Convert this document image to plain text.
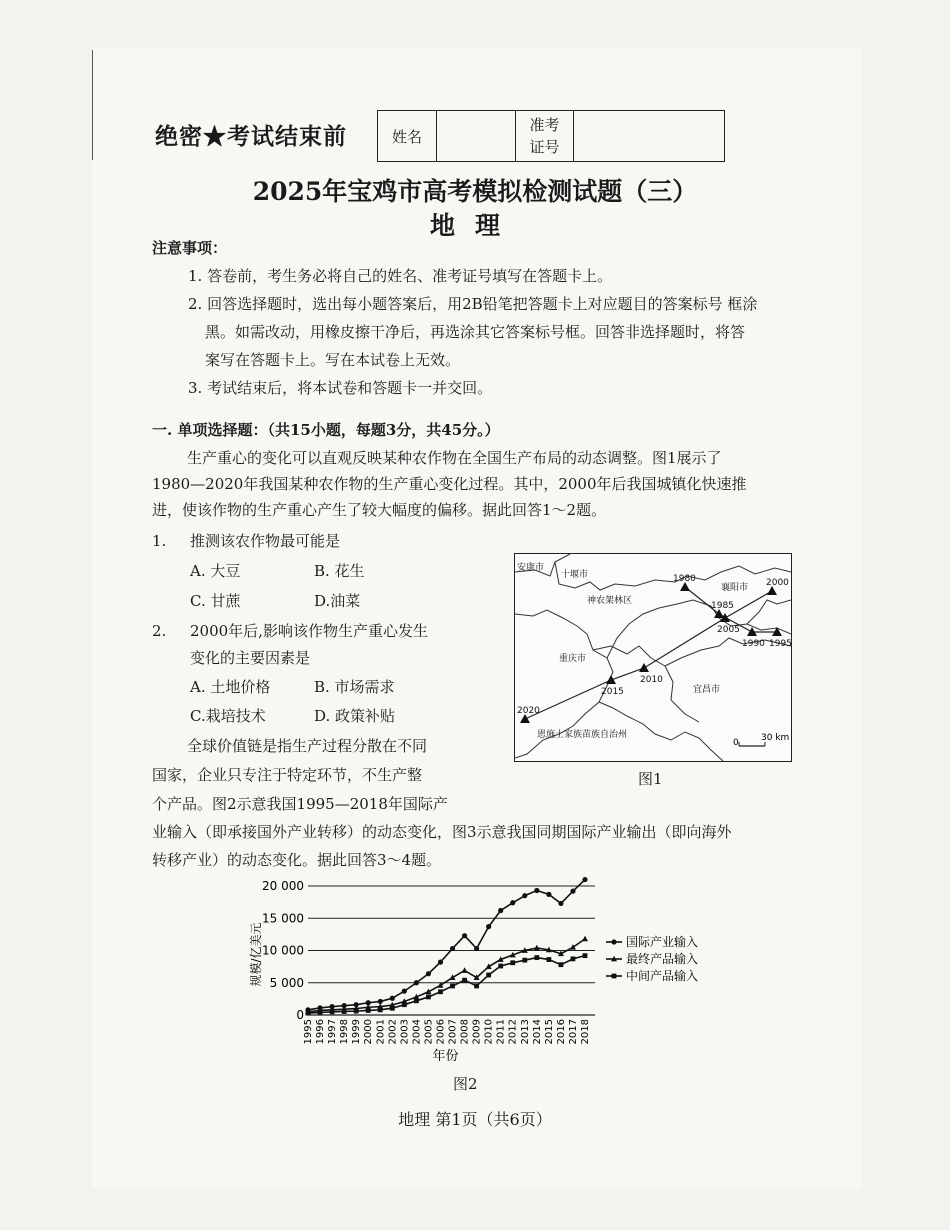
绝密★考试结束前	姓名		准考
证号	
2025年宝鸡市高考模拟检测试题（三）
地理
注意事项：
1. 答卷前，考生务必将自己的姓名、准考证号填写在答题卡上。
2. 回答选择题时，选出每小题答案后，用2B铅笔把答题卡上对应题目的答案标号 框涂
黑。如需改动，用橡皮擦干净后，再选涂其它答案标号框。回答非选择题时，将答
案写在答题卡上。写在本试卷上无效。
3. 考试结束后，将本试卷和答题卡一并交回。
一. 单项选择题：（共15小题，每题3分，共45分。）
生产重心的变化可以直观反映某种农作物在全国生产布局的动态调整。图1展示了
1980—2020年我国某种农作物的生产重心变化过程。其中，2000年后我国城镇化快速推
进，使该作物的生产重心产生了较大幅度的偏移。据此回答1～2题。
1. 推测该农作物最可能是
A. 大豆	B. 花生
C. 甘蔗	D.油菜
2. 2000年后,影响该作物生产重心发生
变化的主要因素是
A. 土地价格	B. 市场需求
C.栽培技术	D. 政策补贴
全球价值链是指生产过程分散在不同
国家，企业只专注于特定环节，不生产整
个产品。图2示意我国1995—2018年国际产
业输入（即承接国外产业转移）的动态变化，图3示意我国同期国际产业输出（即向海外
转移产业）的动态变化。据此回答3～4题。
1980
1985
1990 1995
2000
2005
2010
2015
2020
安康市
十堰市
神农架林区
襄阳市
重庆市
宜昌市
恩施土家族苗族自治州
0 30 km
图1
0
5 000
10 000
15 000
20 000
1995 1996 1997 1998 1999 2000 2001 2002 2003 2004 2005 2006 2007 2008 2009 2010 2011 2012 2013 2014 2015 2016 2017 2018
国际产业输入
最终产品输入
中间产品输入
规模/亿美元
年份
图2
地理 第1页（共6页）
